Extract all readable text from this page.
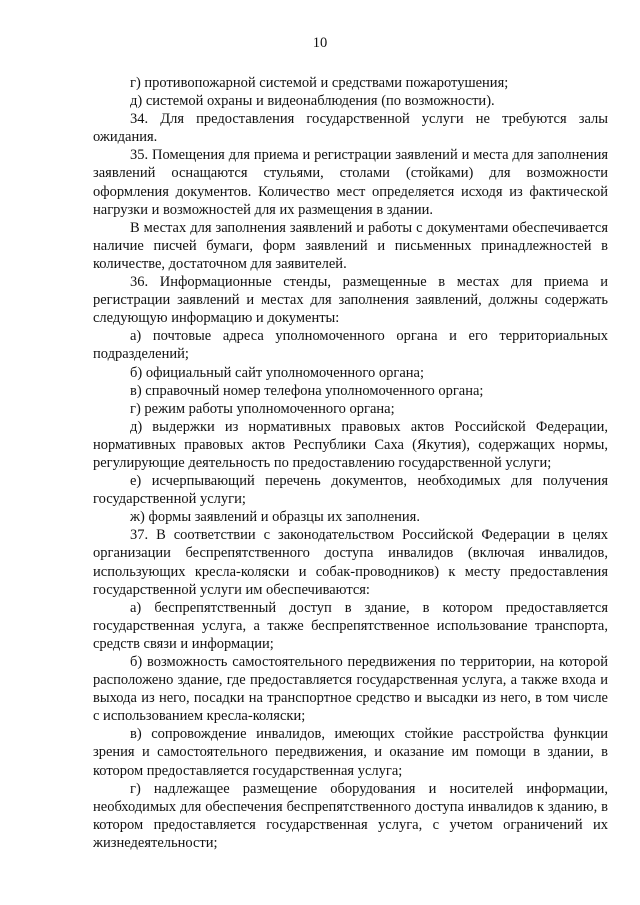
10

г) противопожарной системой и средствами пожаротушения;

д) системой охраны и видеонаблюдения (по возможности).

34. Для предоставления государственной услуги не требуются залы ожидания.

35. Помещения для приема и регистрации заявлений и места для заполнения заявлений оснащаются стульями, столами (стойками) для возможности оформления документов. Количество мест определяется исходя из фактической нагрузки и возможностей для их размещения в здании.

В местах для заполнения заявлений и работы с документами обеспечивается наличие писчей бумаги, форм заявлений и письменных принадлежностей в количестве, достаточном для заявителей.

36. Информационные стенды, размещенные в местах для приема и регистрации заявлений и местах для заполнения заявлений, должны содержать следующую информацию и документы:

а) почтовые адреса уполномоченного органа и его территориальных подразделений;

б) официальный сайт уполномоченного органа;

в) справочный номер телефона уполномоченного органа;

г) режим работы уполномоченного органа;

д) выдержки из нормативных правовых актов Российской Федерации, нормативных правовых актов Республики Саха (Якутия), содержащих нормы, регулирующие деятельность по предоставлению государственной услуги;

е) исчерпывающий перечень документов, необходимых для получения государственной услуги;

ж) формы заявлений и образцы их заполнения.

37. В соответствии с законодательством Российской Федерации в целях организации беспрепятственного доступа инвалидов (включая инвалидов, использующих кресла-коляски и собак-проводников) к месту предоставления государственной услуги им обеспечиваются:

а) беспрепятственный доступ в здание, в котором предоставляется государственная услуга, а также беспрепятственное использование транспорта, средств связи и информации;

б) возможность самостоятельного передвижения по территории, на которой расположено здание, где предоставляется государственная услуга, а также входа и выхода из него, посадки на транспортное средство и высадки из него, в том числе с использованием кресла-коляски;

в) сопровождение инвалидов, имеющих стойкие расстройства функции зрения и самостоятельного передвижения, и оказание им помощи в здании, в котором предоставляется государственная услуга;

г) надлежащее размещение оборудования и носителей информации, необходимых для обеспечения беспрепятственного доступа инвалидов к зданию, в котором предоставляется государственная услуга, с учетом ограничений их жизнедеятельности;
